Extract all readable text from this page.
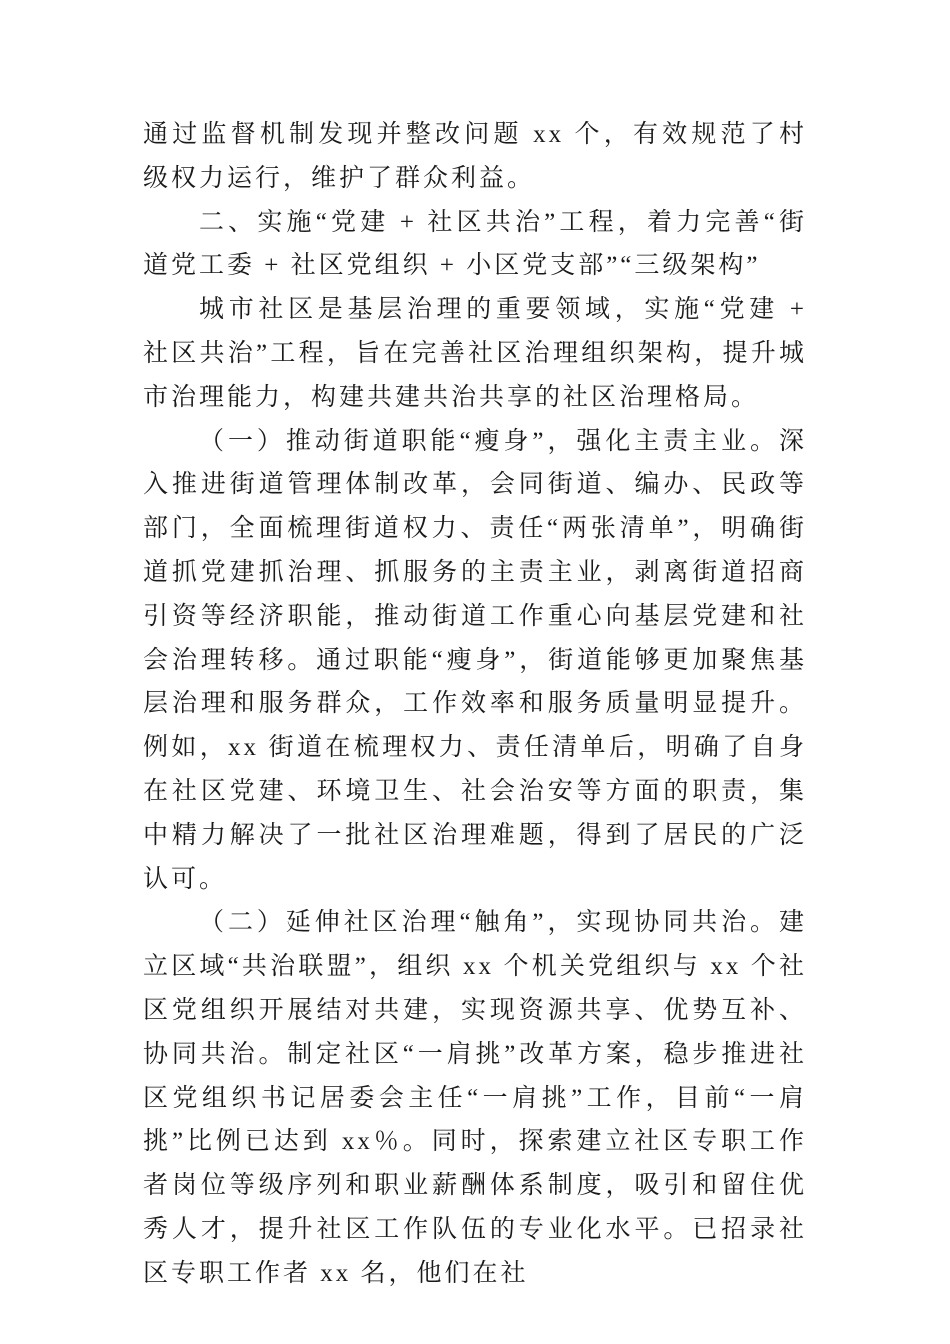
通过监督机制发现并整改问题 xx 个，有效规范了村级权力运行，维护了群众利益。

二、实施“党建 + 社区共治”工程，着力完善“街道党工委 + 社区党组织 + 小区党支部”“三级架构”

城市社区是基层治理的重要领域，实施“党建 + 社区共治”工程，旨在完善社区治理组织架构，提升城市治理能力，构建共建共治共享的社区治理格局。

（一）推动街道职能“瘦身”，强化主责主业。深入推进街道管理体制改革，会同街道、编办、民政等部门，全面梳理街道权力、责任“两张清单”，明确街道抓党建抓治理、抓服务的主责主业，剥离街道招商引资等经济职能，推动街道工作重心向基层党建和社会治理转移。通过职能“瘦身”，街道能够更加聚焦基层治理和服务群众，工作效率和服务质量明显提升。例如，xx 街道在梳理权力、责任清单后，明确了自身在社区党建、环境卫生、社会治安等方面的职责，集中精力解决了一批社区治理难题，得到了居民的广泛认可。

（二）延伸社区治理“触角”，实现协同共治。建立区域“共治联盟”，组织 xx 个机关党组织与 xx 个社区党组织开展结对共建，实现资源共享、优势互补、协同共治。制定社区“一肩挑”改革方案，稳步推进社区党组织书记居委会主任“一肩挑”工作，目前“一肩挑”比例已达到 xx％。同时，探索建立社区专职工作者岗位等级序列和职业薪酬体系制度，吸引和留住优秀人才，提升社区工作队伍的专业化水平。已招录社区专职工作者 xx 名，他们在社
